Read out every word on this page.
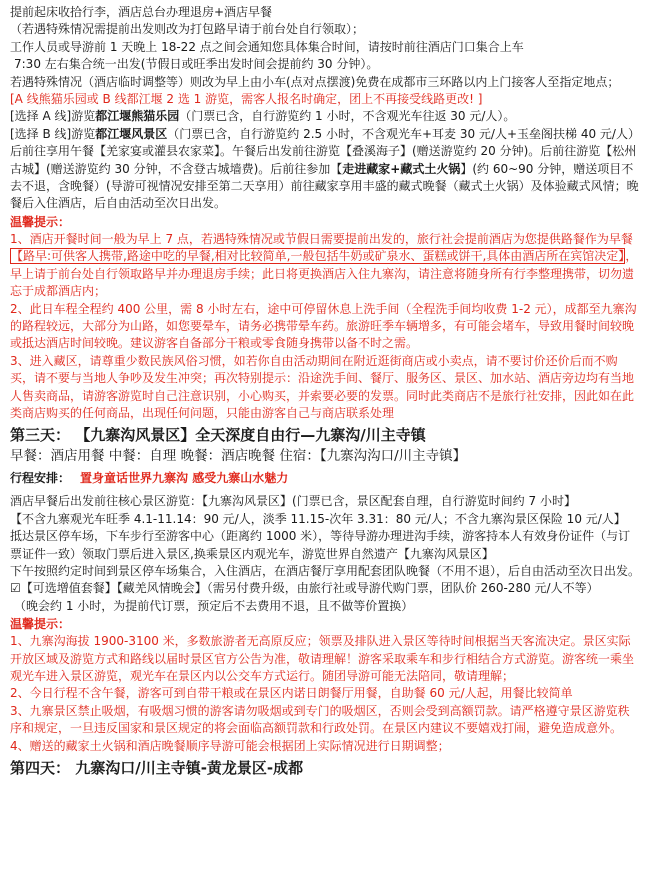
提前起床收拾行李，酒店总台办理退房+酒店早餐

（若遇特殊情况需提前出发则改为打包路早请于前台处自行领取）；

工作人员或导游前 1 天晚上 18-22 点之间会通知您具体集合时间，请按时前往酒店门口集合上车

7:30 左右集合统一出发(节假日或旺季出发时间会提前约 30 分钟）。

若遇特殊情况（酒店临时调整等）则改为早上由小车(点对点摆渡)免费在成都市三环路以内上门接客人至指定地点；

[A 线熊猫乐园或 B 线都江堰 2 选 1 游览，需客人报名时确定，团上不再接受线路更改! ]

[选择 A 线]游览都江堰熊猫乐园（门票已含，自行游览约 1 小时，不含观光车往返 30 元/人）。

[选择 B 线]游览都江堰风景区（门票已含，自行游览约 2.5 小时，不含观光车+耳麦 30 元/人+玉垒阁扶梯 40 元/人）

后前往享用午餐【羌家宴或灌县农家菜】。午餐后出发前往游览【叠溪海子】(赠送游览约 20 分钟)。后前往游览【松州古城】(赠送游览约 30 分钟，不含登古城墙费)。后前往参加【走进藏家+藏式土火锅】(约 60~90 分钟，赠送项目不去不退，含晚餐）(导游可视情况安排至第二天享用）前往藏家享用丰盛的藏式晚餐（藏式土火锅）及体验藏式风情；晚餐后入住酒店，后自由活动至次日出发。

温馨提示：

1、酒店开餐时间一般为早上 7 点，若遇特殊情况或节假日需要提前出发的，旅行社会提前酒店为您提供路餐作为早餐【路早:可供客人携带,路途中吃的早餐,相对比较简单,一般包括牛奶或矿泉水、蛋糕或饼干,具体由酒店所在宾馆决定】，早上请于前台处自行领取路早并办理退房手续；此日将更换酒店入住九寨沟，请注意将随身所有行李整理携带，切勿遗忘于成都酒店内；

2、此日车程全程约 400 公里，需 8 小时左右，途中可停留休息上洗手间（全程洗手间均收费 1-2 元），成都至九寨沟的路程较远，大部分为山路，如您要晕车，请务必携带晕车药。旅游旺季车辆增多，有可能会堵车，导致用餐时间较晚或抵达酒店时间较晚。建议游客自备部分干粮或零食随身携带以备不时之需。

3、进入藏区，请尊重少数民族风俗习惯，如若你自由活动期间在附近逛街商店或小卖点，请不要讨价还价后而不购买，请不要与当地人争吵及发生冲突；再次特别提示：沿途洗手间、餐厅、服务区、景区、加水站、酒店旁边均有当地人售卖商品，请游客游览时自己注意识别，小心购买，并索要必要的发票。同时此类商店不是旅行社安排，因此如在此类商店购买的任何商品，出现任何问题，只能由游客自己与商店联系处理

第三天： 【九寨沟风景区】全天深度自由行—九寨沟/川主寺镇
早餐：酒店用餐 中餐：自理 晚餐：酒店晚餐 住宿：【九寨沟沟口/川主寺镇】
行程安排： 置身童话世界九寨沟 感受九寨山水魅力

酒店早餐后出发前往核心景区游览：【九寨沟风景区】(门票已含，景区配套自理，自行游览时间约 7 小时】

【不含九寨观光车旺季 4.1-11.14：90 元/人，淡季 11.15-次年 3.31：80 元/人；不含九寨沟景区保险 10 元/人】

抵达景区停车场，下车步行至游客中心（距离约 1000 米），等待导游办理进沟手续，游客持本人有效身份证件（与订票证件一致）领取门票后进入景区,换乘景区内观光车，游览世界自然遗产【九寨沟风景区】

下午按照约定时间到景区停车场集合，入住酒店，在酒店餐厅享用配套团队晚餐（不用不退），后自由活动至次日出发。

☑【可选增值套餐】【藏羌风情晚会】（需另付费升级，由旅行社或导游代购门票，团队价 260-280 元/人不等）

（晚会约 1 小时，为提前代订票，预定后不去费用不退，且不做等价置换）

温馨提示：

1、九寨沟海拔 1900-3100 米，多数旅游者无高原反应；领票及排队进入景区等待时间根据当天客流决定。景区实际开放区域及游览方式和路线以届时景区官方公告为准，敬请理解！游客采取乘车和步行相结合方式游览。游客统一乘坐观光车进入景区游览，观光车在景区内以公交车方式运行。随团导游可能无法陪同，敬请理解；

2、今日行程不含午餐，游客可到自带干粮或在景区内诺日朗餐厅用餐，自助餐 60 元/人起，用餐比较简单

3、九寨景区禁止吸烟，有吸烟习惯的游客请勿吸烟或到专门的吸烟区，否则会受到高额罚款。请严格遵守景区游览秩序和规定，一旦违反国家和景区规定的将会面临高额罚款和行政处罚。在景区内建议不要嬉戏打闹，避免造成意外。

4、赠送的藏家土火锅和酒店晚餐顺序导游可能会根据团上实际情况进行日期调整；

第四天： 九寨沟口/川主寺镇-黄龙景区-成都
